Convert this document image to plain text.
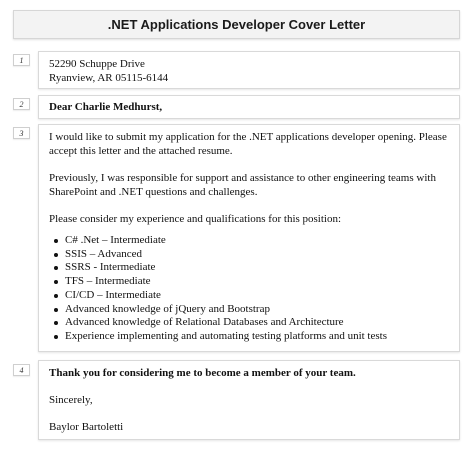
.NET Applications Developer Cover Letter
1	52290 Schuppe Drive
Ryanview, AR 05115-6144
2	Dear Charlie Medhurst,
3	I would like to submit my application for the .NET applications developer opening. Please accept this letter and the attached resume.
Previously, I was responsible for support and assistance to other engineering teams with SharePoint and .NET questions and challenges.
Please consider my experience and qualifications for this position:
C# .Net – Intermediate
SSIS – Advanced
SSRS - Intermediate
TFS – Intermediate
CI/CD – Intermediate
Advanced knowledge of jQuery and Bootstrap
Advanced knowledge of Relational Databases and Architecture
Experience implementing and automating testing platforms and unit tests
4	Thank you for considering me to become a member of your team.
Sincerely,
Baylor Bartoletti
